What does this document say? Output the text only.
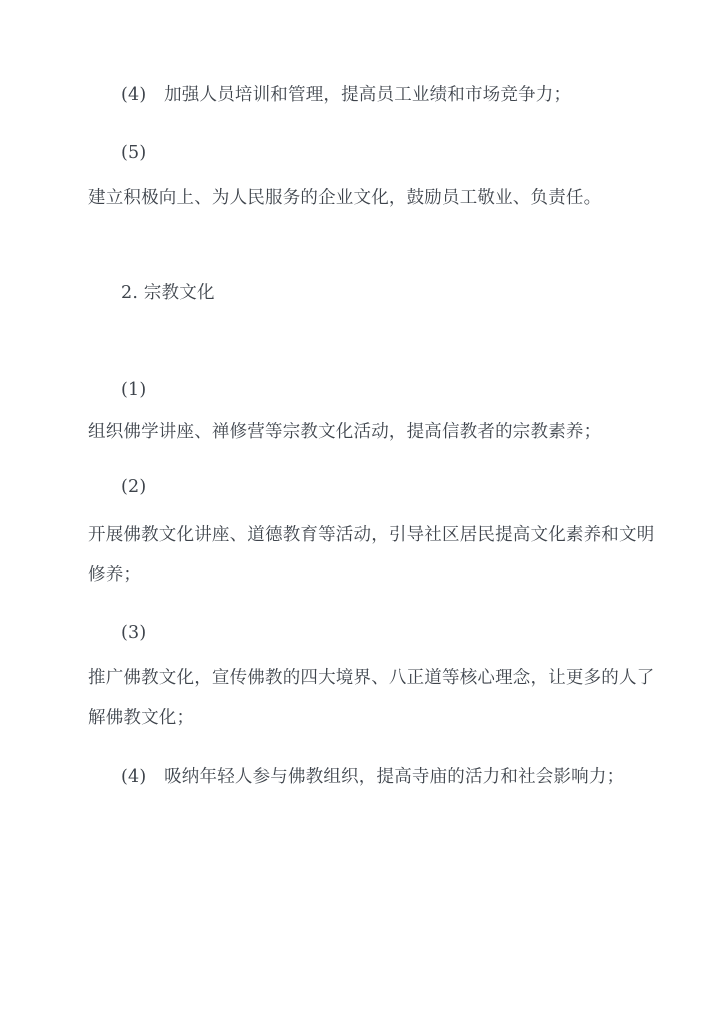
(4)　加强人员培训和管理，提高员工业绩和市场竞争力；
(5)
建立积极向上、为人民服务的企业文化，鼓励员工敬业、负责任。
2. 宗教文化
(1)
组织佛学讲座、禅修营等宗教文化活动，提高信教者的宗教素养；
(2)
开展佛教文化讲座、道德教育等活动，引导社区居民提高文化素养和文明
修养；
(3)
推广佛教文化，宣传佛教的四大境界、八正道等核心理念，让更多的人了
解佛教文化；
(4)　吸纳年轻人参与佛教组织，提高寺庙的活力和社会影响力；
